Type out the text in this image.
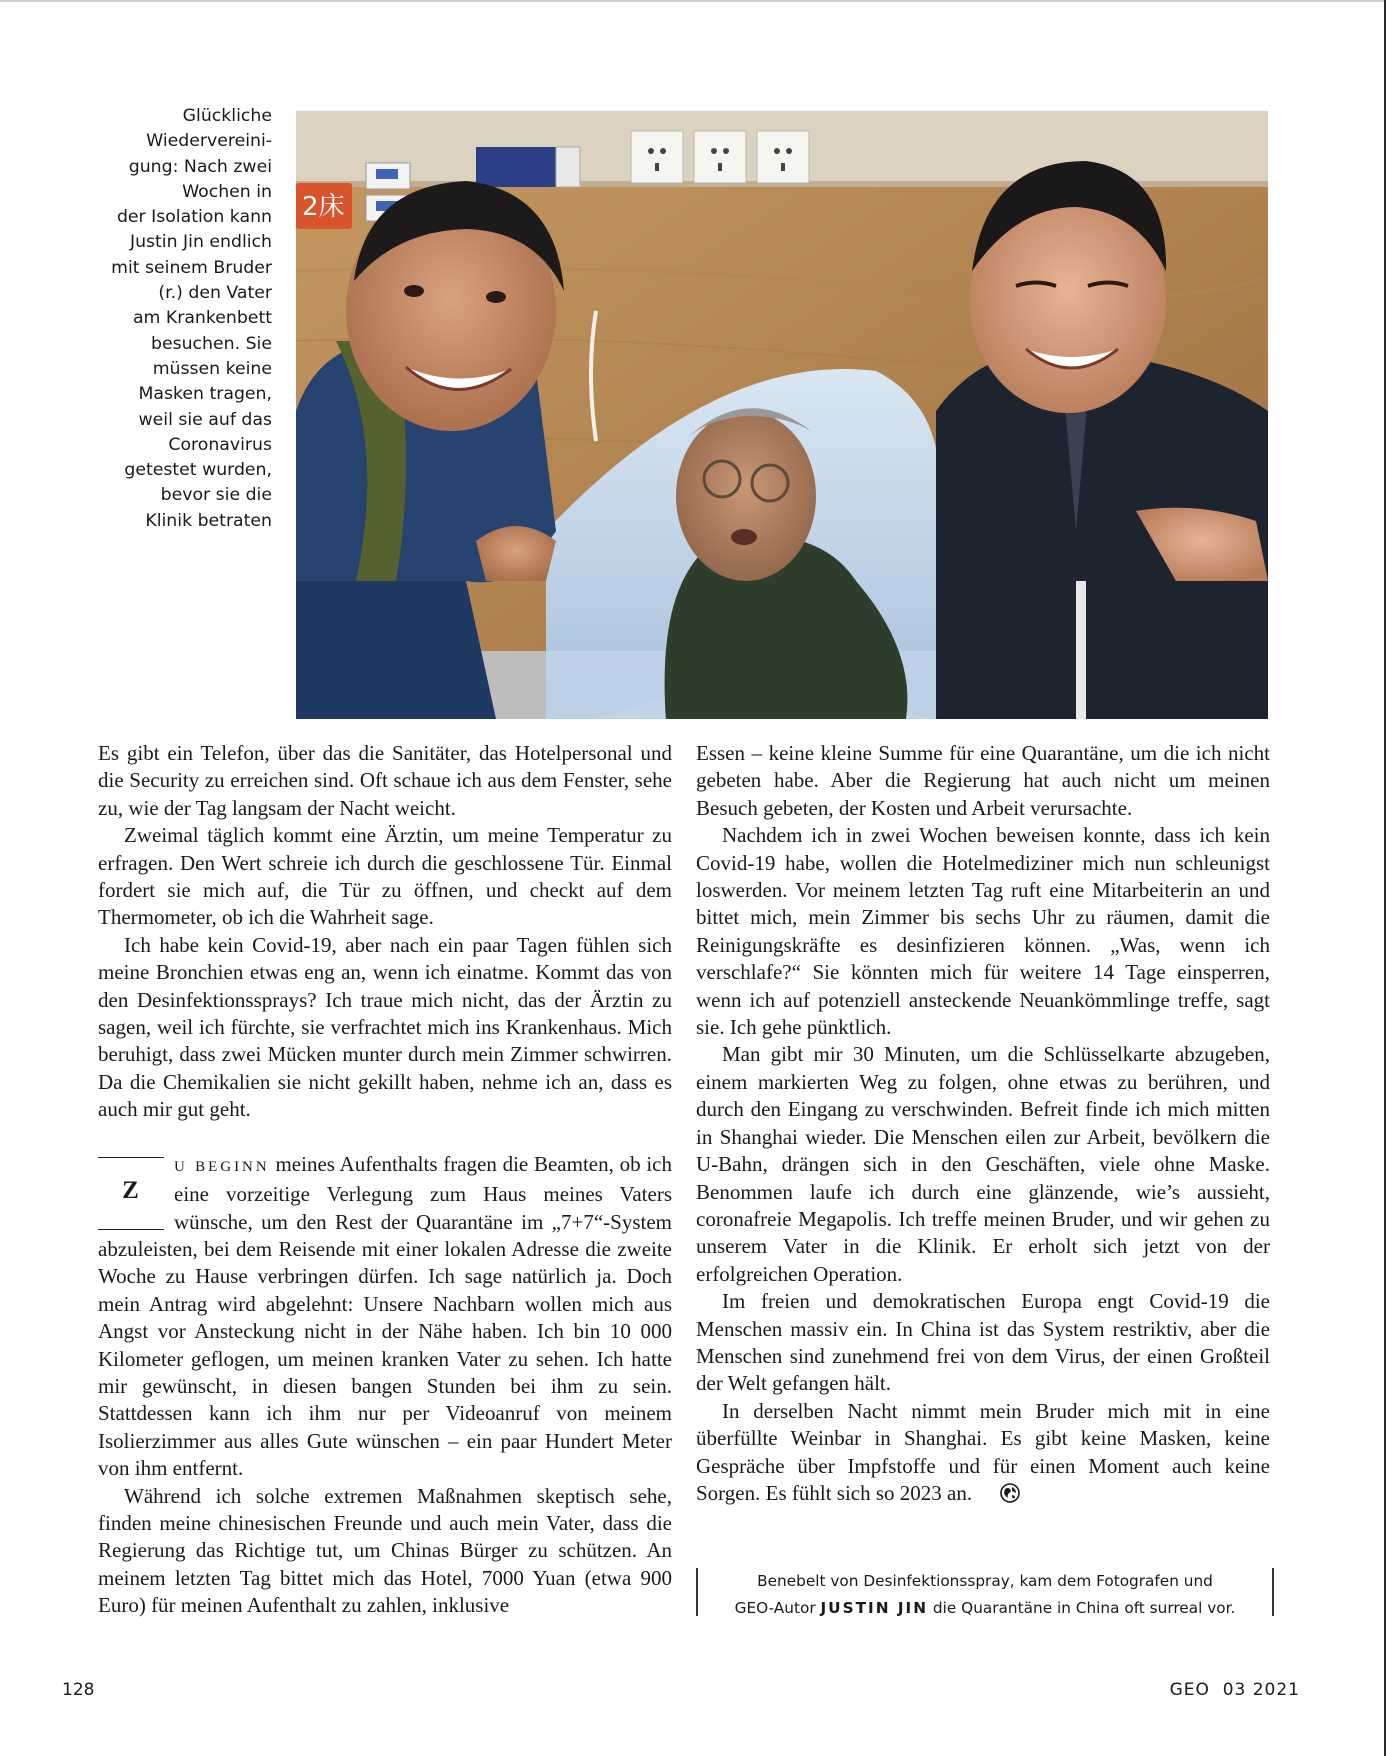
Glückliche
Wiedervereini-
gung: Nach zwei
Wochen in
der Isolation kann
Justin Jin endlich
mit seinem Bruder
(r.) den Vater
am Krankenbett
besuchen. Sie
müssen keine
Masken tragen,
weil sie auf das
Coronavirus
getestet wurden,
bevor sie die
Klinik betraten
2床

Es gibt ein Telefon, über das die Sanitäter, das Hotelpersonal und die Security zu erreichen sind. Oft schaue ich aus dem Fenster, sehe zu, wie der Tag langsam der Nacht weicht.

Zweimal täglich kommt eine Ärztin, um meine Temperatur zu erfragen. Den Wert schreie ich durch die geschlossene Tür. Einmal fordert sie mich auf, die Tür zu öffnen, und checkt auf dem Thermometer, ob ich die Wahrheit sage.

Ich habe kein Covid-19, aber nach ein paar Tagen fühlen sich meine Bronchien etwas eng an, wenn ich einatme. Kommt das von den Desinfektionssprays? Ich traue mich nicht, das der Ärztin zu sagen, weil ich fürchte, sie verfrachtet mich ins Krankenhaus. Mich beruhigt, dass zwei Mücken munter durch mein Zimmer schwirren. Da die Chemikalien sie nicht gekillt haben, nehme ich an, dass es auch mir gut geht.

Z

U BEGINN meines Aufenthalts fragen die Beamten, ob ich eine vorzeitige Verlegung zum Haus meines Vaters wünsche, um den Rest der Quarantäne im „7+7“-System abzuleisten, bei dem Reisende mit einer lokalen Adresse die zweite Woche zu Hause verbringen dürfen. Ich sage natürlich ja. Doch mein Antrag wird abgelehnt: Unsere Nachbarn wollen mich aus Angst vor Ansteckung nicht in der Nähe haben. Ich bin 10 000 Kilometer geflogen, um meinen kranken Vater zu sehen. Ich hatte mir gewünscht, in diesen bangen Stunden bei ihm zu sein. Stattdessen kann ich ihm nur per Videoanruf von meinem Isolierzimmer aus alles Gute wünschen – ein paar Hundert Meter von ihm entfernt.

Während ich solche extremen Maßnahmen skeptisch sehe, finden meine chinesischen Freunde und auch mein Vater, dass die Regierung das Richtige tut, um Chinas Bürger zu schützen. An meinem letzten Tag bittet mich das Hotel, 7000 Yuan (etwa 900 Euro) für meinen Aufenthalt zu zahlen, inklusive

Essen – keine kleine Summe für eine Quarantäne, um die ich nicht gebeten habe. Aber die Regierung hat auch nicht um meinen Besuch gebeten, der Kosten und Arbeit verursachte.

Nachdem ich in zwei Wochen beweisen konnte, dass ich kein Covid-19 habe, wollen die Hotelmediziner mich nun schleunigst loswerden. Vor meinem letzten Tag ruft eine Mitarbeiterin an und bittet mich, mein Zimmer bis sechs Uhr zu räumen, damit die Reinigungskräfte es desinfizieren können. „Was, wenn ich verschlafe?“ Sie könnten mich für weitere 14 Tage einsperren, wenn ich auf potenziell ansteckende Neuankömmlinge treffe, sagt sie. Ich gehe pünktlich.

Man gibt mir 30 Minuten, um die Schlüsselkarte abzugeben, einem markierten Weg zu folgen, ohne etwas zu berühren, und durch den Eingang zu verschwinden. Befreit finde ich mich mitten in Shanghai wieder. Die Menschen eilen zur Arbeit, bevölkern die U-Bahn, drängen sich in den Geschäften, viele ohne Maske. Benommen laufe ich durch eine glänzende, wie’s aussieht, coronafreie Megapolis. Ich treffe meinen Bruder, und wir gehen zu unserem Vater in die Klinik. Er erholt sich jetzt von der erfolgreichen Operation.

Im freien und demokratischen Europa engt Covid-19 die Menschen massiv ein. In China ist das System restriktiv, aber die Menschen sind zunehmend frei von dem Virus, der einen Großteil der Welt gefangen hält.

In derselben Nacht nimmt mein Bruder mich mit in eine überfüllte Weinbar in Shanghai. Es gibt keine Masken, keine Gespräche über Impfstoffe und für einen Moment auch keine Sorgen. Es fühlt sich so 2023 an.

Benebelt von Desinfektionsspray, kam dem Fotografen und
GEO-Autor JUSTIN JIN die Quarantäne in China oft surreal vor.
128	GEO  03 2021
